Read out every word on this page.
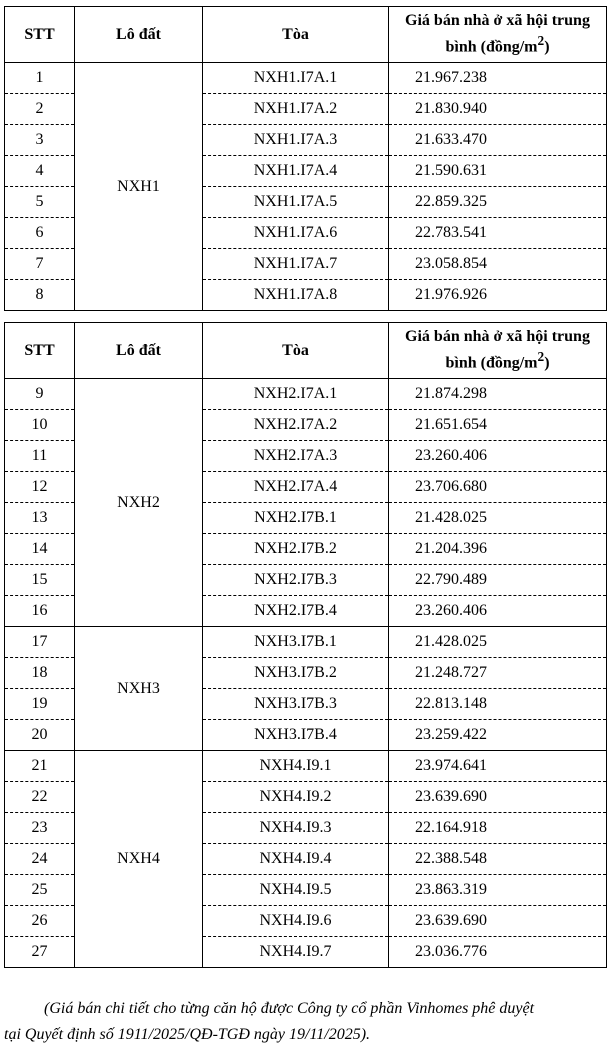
STT	Lô đất	Tòa	Giá bán nhà ở xã hội trung bình $(đồng/m^2)$
1	NXH1	NXH1.I7A.1	21.967.238
2		NXH1.I7A.2	21.830.940
3		NXH1.I7A.3	21.633.470
4		NXH1.I7A.4	21.590.631
5		NXH1.I7A.5	22.859.325
6		NXH1.I7A.6	22.783.541
7		NXH1.I7A.7	23.058.854
8		NXH1.I7A.8	21.976.926
STT	Lô đất	Tòa	Giá bán nhà ở xã hội trung bình $(đồng/m^2)$
9	NXH2	NXH2.I7A.1	21.874.298
10		NXH2.I7A.2	21.651.654
11		NXH2.I7A.3	23.260.406
12		NXH2.I7A.4	23.706.680
13		NXH2.I7B.1	21.428.025
14		NXH2.I7B.2	21.204.396
15		NXH2.I7B.3	22.790.489
16		NXH2.I7B.4	23.260.406
17	NXH3	NXH3.I7B.1	21.428.025
18		NXH3.I7B.2	21.248.727
19		NXH3.I7B.3	22.813.148
20		NXH3.I7B.4	23.259.422
21	NXH4	NXH4.I9.1	23.974.641
22		NXH4.I9.2	23.639.690
23		NXH4.I9.3	22.164.918
24		NXH4.I9.4	22.388.548
25		NXH4.I9.5	23.863.319
26		NXH4.I9.6	23.639.690
27		NXH4.I9.7	23.036.776
(Giá bán chi tiết cho từng căn hộ được Công ty cổ phần Vinhomes phê duyệt
tại Quyết định số 1911/2025/QĐ-TGĐ ngày 19/11/2025).
